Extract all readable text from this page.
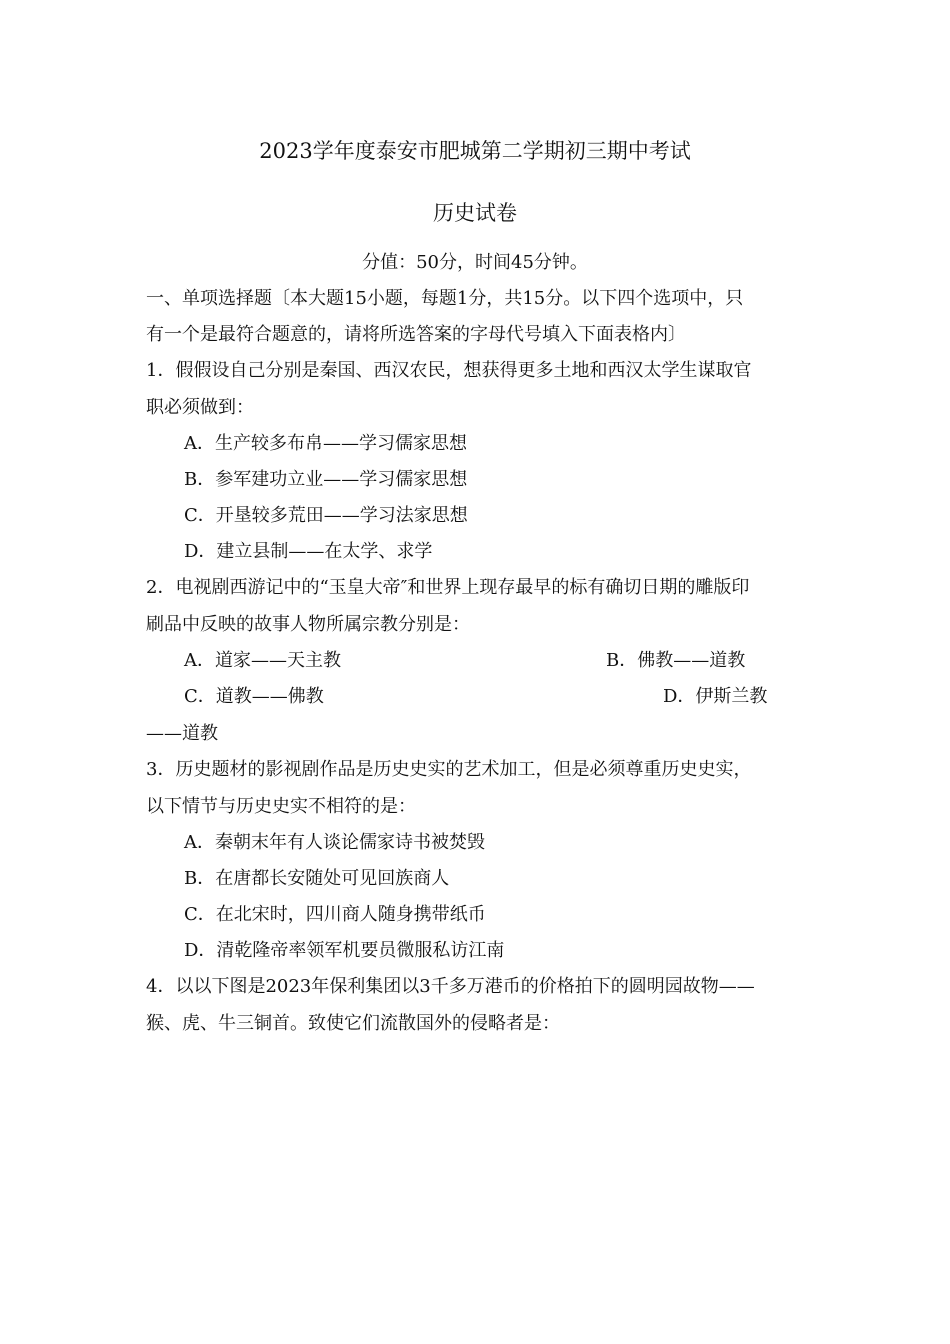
2023学年度泰安市肥城第二学期初三期中考试
历史试卷
分值：50分，时间45分钟。
一、单项选择题〔本大题15小题，每题1分，共15分。以下四个选项中，只
有一个是最符合题意的，请将所选答案的字母代号填入下面表格内〕
1．假假设自己分别是秦国、西汉农民，想获得更多土地和西汉太学生谋取官
职必须做到：
A．生产较多布帛——学习儒家思想
B．参军建功立业——学习儒家思想
C．开垦较多荒田——学习法家思想
D．建立县制——在太学、求学
2．电视剧西游记中的“玉皇大帝″和世界上现存最早的标有确切日期的雕版印
刷品中反映的故事人物所属宗教分别是：
A．道家——天主教	B．佛教——道教
C．道教——佛教	D．伊斯兰教
——道教
3．历史题材的影视剧作品是历史史实的艺术加工，但是必须尊重历史史实，
以下情节与历史史实不相符的是：
A．秦朝末年有人谈论儒家诗书被焚毁
B．在唐都长安随处可见回族商人
C．在北宋时，四川商人随身携带纸币
D．清乾隆帝率领军机要员微服私访江南
4．以以下图是2023年保利集团以3千多万港币的价格拍下的圆明园故物——
猴、虎、牛三铜首。致使它们流散国外的侵略者是：
